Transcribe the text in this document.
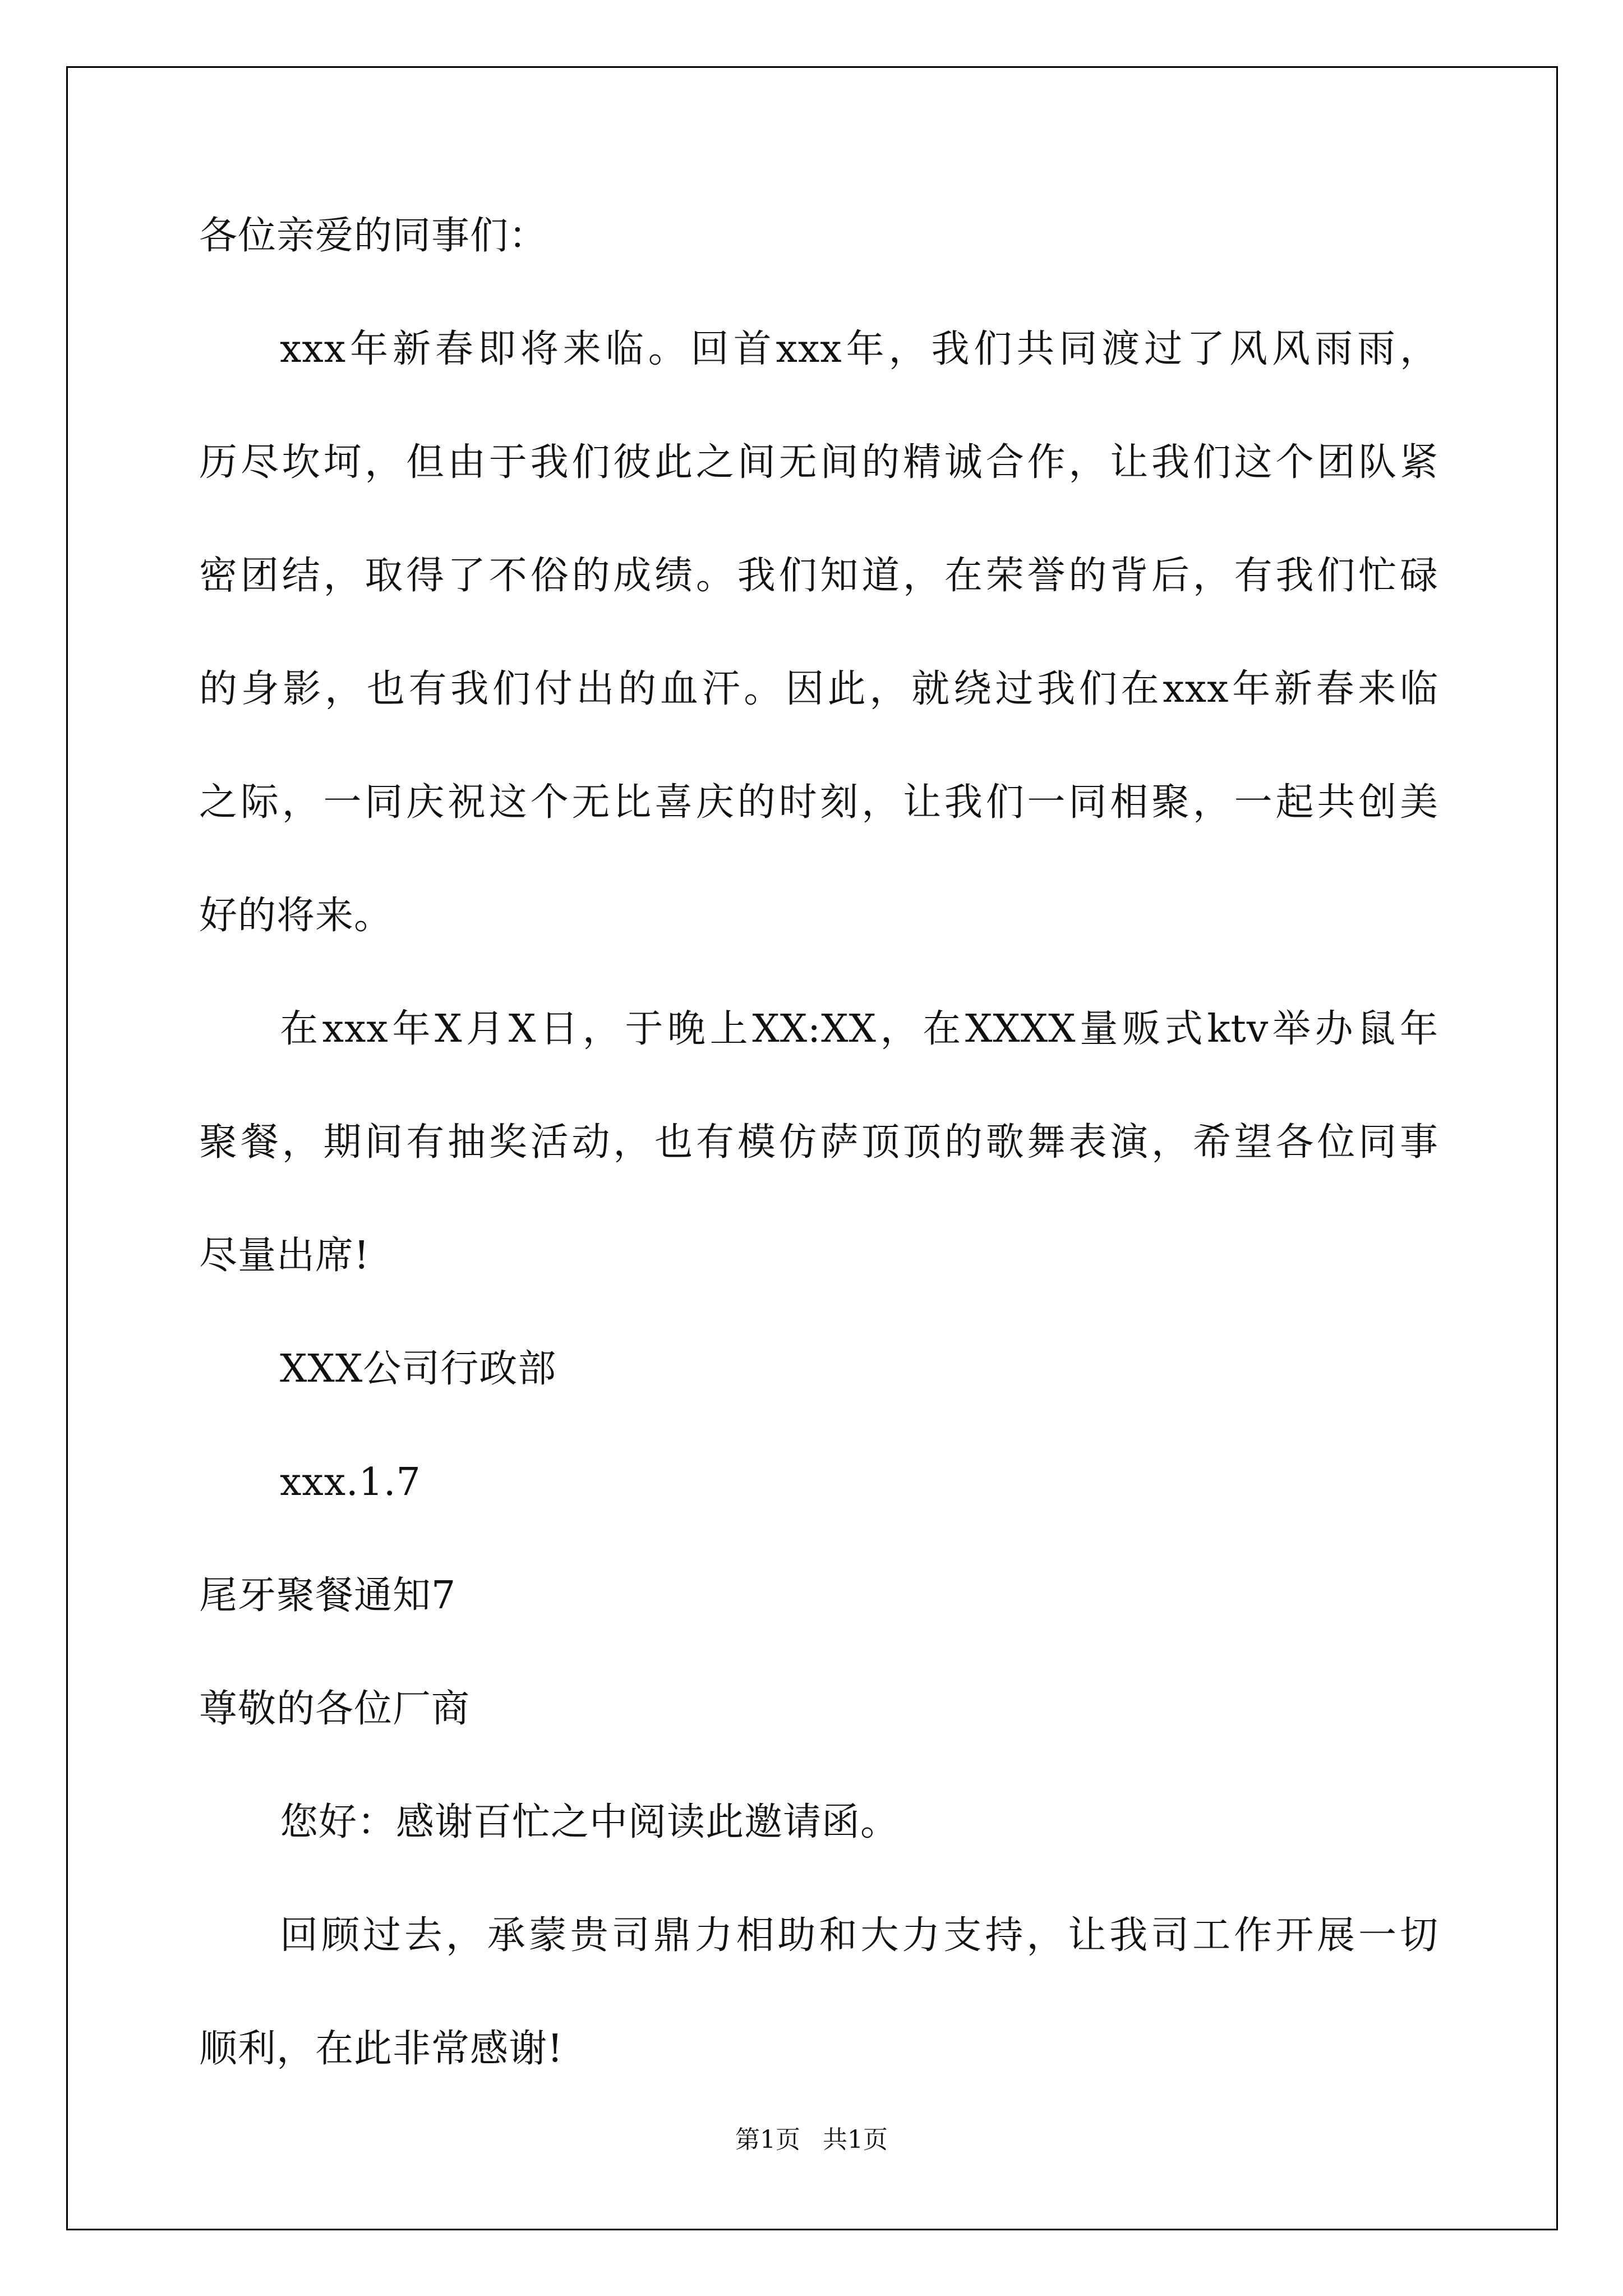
各位亲爱的同事们：

xxx年新春即将来临。回首xxx年，我们共同渡过了风风雨雨，

历尽坎坷，但由于我们彼此之间无间的精诚合作，让我们这个团队紧

密团结，取得了不俗的成绩。我们知道，在荣誉的背后，有我们忙碌

的身影，也有我们付出的血汗。因此，就绕过我们在xxx年新春来临

之际，一同庆祝这个无比喜庆的时刻，让我们一同相聚，一起共创美

好的将来。

在xxx年X月X日，于晚上XX:XX，在XXXX量贩式ktv举办鼠年

聚餐，期间有抽奖活动，也有模仿萨顶顶的歌舞表演，希望各位同事

尽量出席!

XXX公司行政部

xxx.1.7

尾牙聚餐通知7

尊敬的各位厂商

您好：感谢百忙之中阅读此邀请函。

回顾过去，承蒙贵司鼎力相助和大力支持，让我司工作开展一切

顺利，在此非常感谢!

第1页 共1页
